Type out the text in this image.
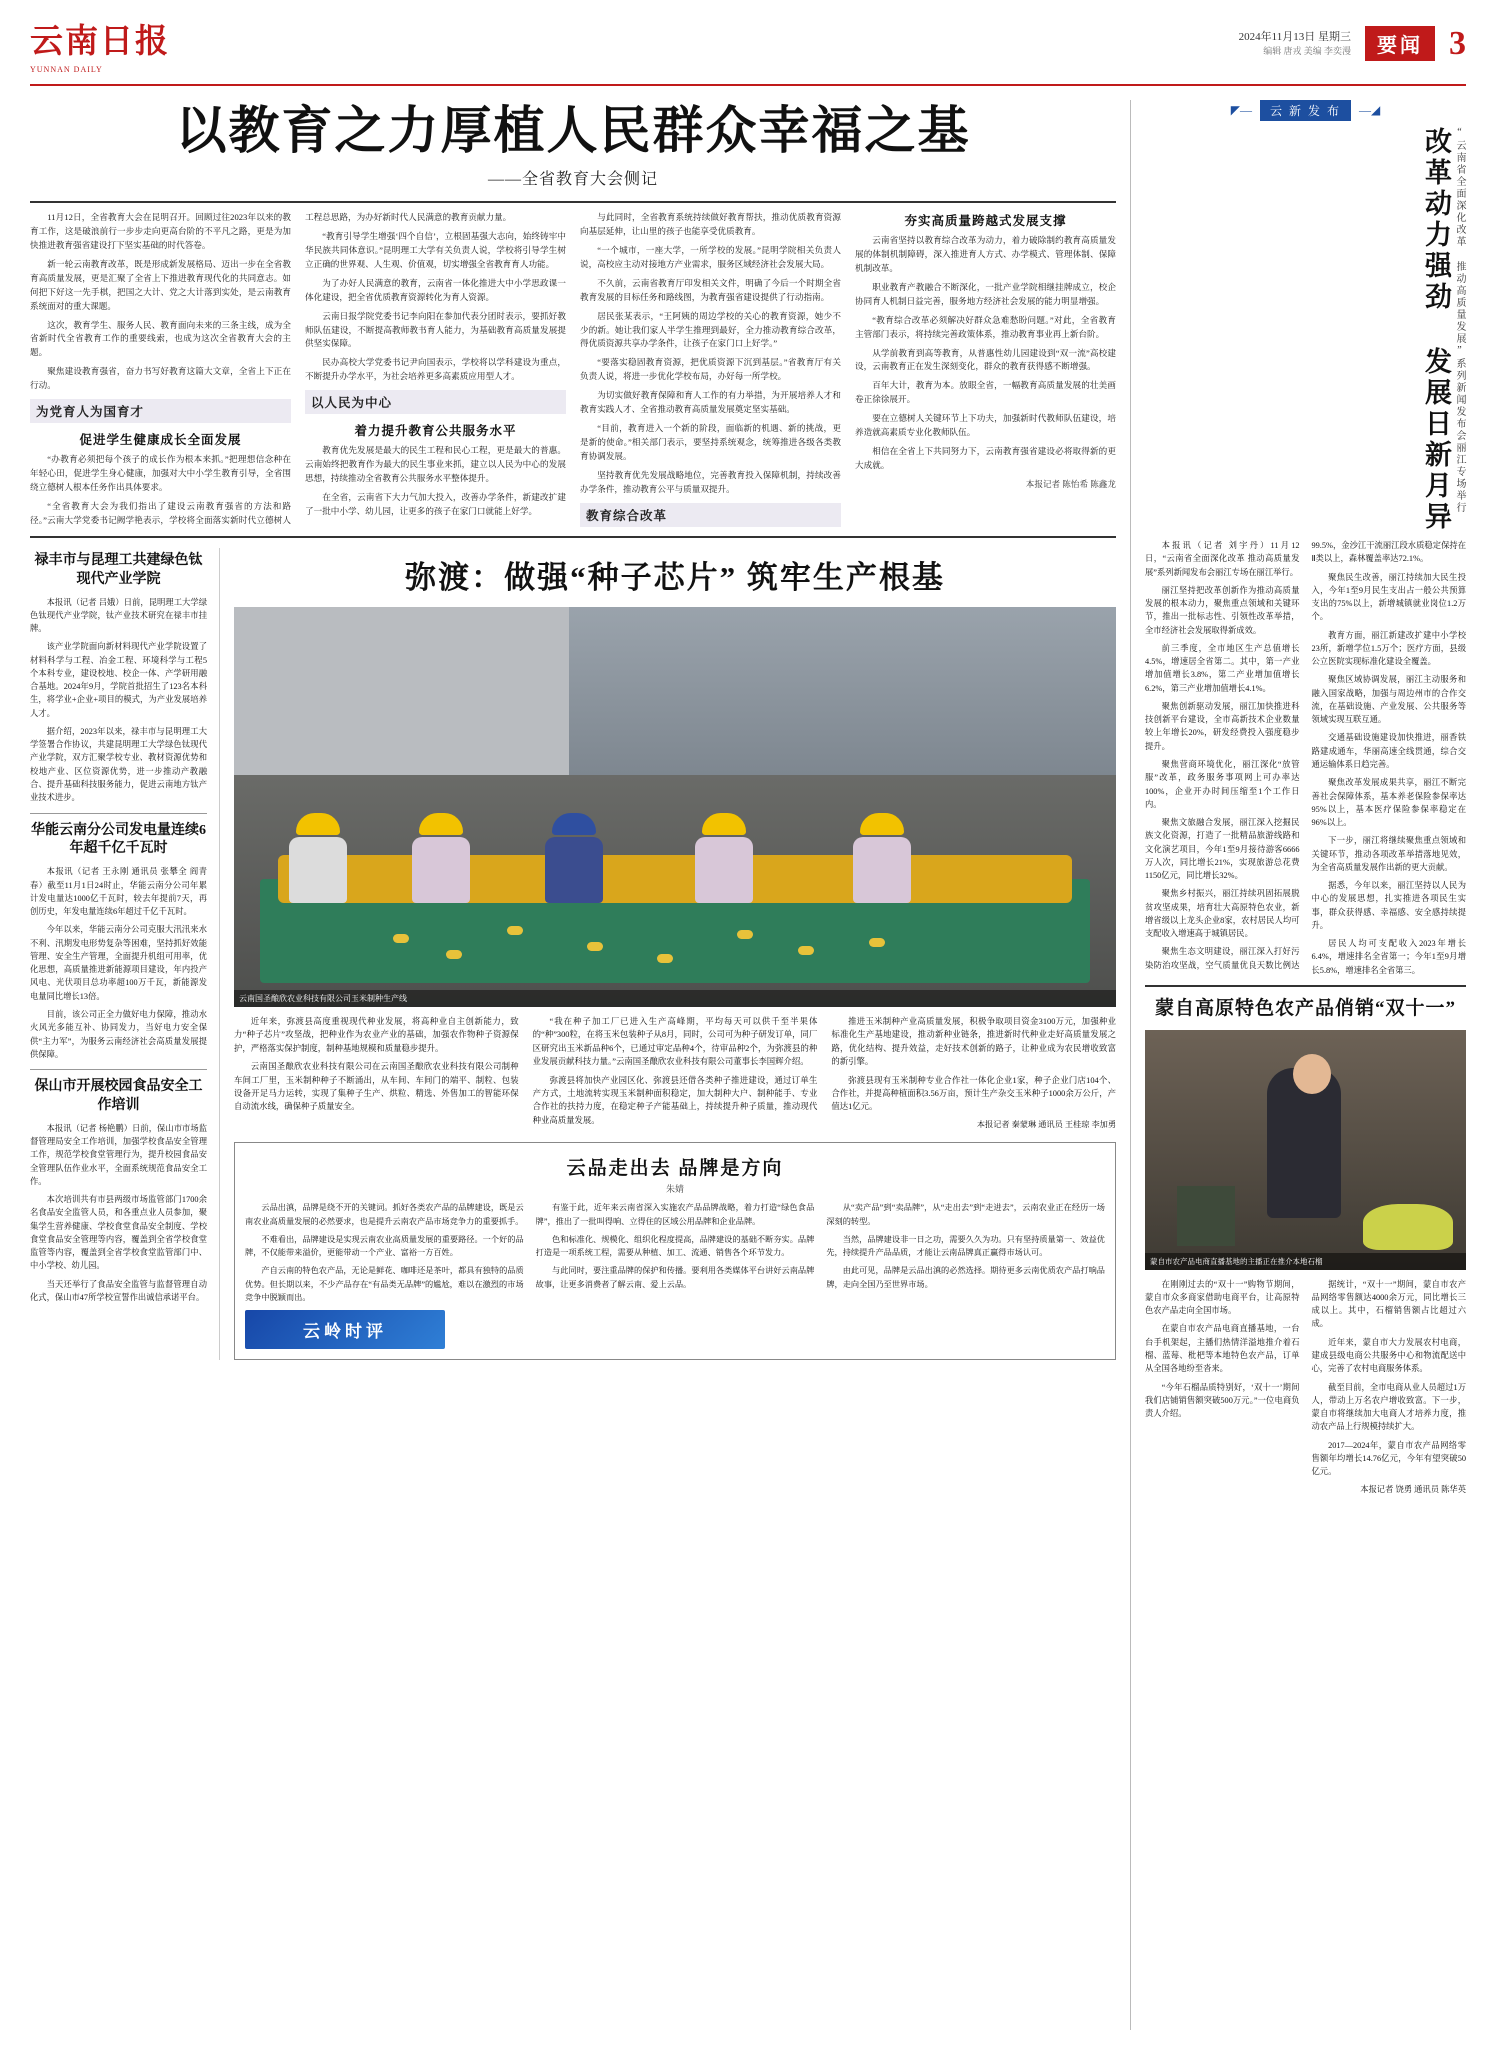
云南日报
YUNNAN DAILY
2024年11月13日 星期三
编辑 唐戎 美编 李奕漫	要闻 3
以教育之力厚植人民群众幸福之基
——全省教育大会侧记

11月12日，全省教育大会在昆明召开。回顾过往2023年以来的教育工作，这是破浪前行一步步走向更高台阶的不平凡之路，更是为加快推进教育强省建设打下坚实基础的时代答卷。

新一轮云南教育改革，既是形成新发展格局、迈出一步在全省教育高质量发展，更是汇聚了全省上下推进教育现代化的共同意志。如何把下好这一先手棋，把国之大计、党之大计落到实处，是云南教育系统面对的重大课题。

这次，教育学生、服务人民、教育面向未来的三条主线，成为全省新时代全省教育工作的重要线索，也成为这次全省教育大会的主题。

聚焦建设教育强省，奋力书写好教育这篇大文章，全省上下正在行动。

为党育人为国育才
促进学生健康成长全面发展

“办教育必须把每个孩子的成长作为根本来抓。”把理想信念种在年轻心田，促进学生身心健康，加强对大中小学生教育引导，全省围绕立德树人根本任务作出具体要求。

“全省教育大会为我们指出了建设云南教育强省的方法和路径。”云南大学党委书记阙学艳表示，学校将全面落实新时代立德树人工程总思路，为办好新时代人民满意的教育贡献力量。

“教育引导学生增强‘四个自信’，立根固基强大志向，始终铸牢中华民族共同体意识。”昆明理工大学有关负责人说，学校将引导学生树立正确的世界观、人生观、价值观，切实增强全省教育育人功能。

为了办好人民满意的教育，云南省一体化推进大中小学思政课一体化建设，把全省优质教育资源转化为育人资源。

云南日报学院党委书记李向阳在参加代表分团时表示，要抓好教师队伍建设，不断提高教师教书育人能力，为基础教育高质量发展提供坚实保障。

民办高校大学党委书记尹向国表示，学校将以学科建设为重点，不断提升办学水平，为社会培养更多高素质应用型人才。

以人民为中心
着力提升教育公共服务水平

教育优先发展是最大的民生工程和民心工程，更是最大的普惠。云南始终把教育作为最大的民生事业来抓，建立以人民为中心的发展思想，持续推动全省教育公共服务水平整体提升。

在全省，云南省下大力气加大投入，改善办学条件，新建改扩建了一批中小学、幼儿园，让更多的孩子在家门口就能上好学。

与此同时，全省教育系统持续做好教育帮扶，推动优质教育资源向基层延伸，让山里的孩子也能享受优质教育。

“一个城市，一座大学，一所学校的发展。”昆明学院相关负责人说，高校应主动对接地方产业需求，服务区域经济社会发展大局。

不久前，云南省教育厅印发相关文件，明确了今后一个时期全省教育发展的目标任务和路线图，为教育强省建设提供了行动指南。

居民张某表示，“王阿姨的周边学校的关心的教育资源，她少不少的新。她让我们家人半学生推理到最好，全力推动教育综合改革，得优质资源共享办学条件，让孩子在家门口上好学。”

“要落实稳固教育资源，把优质资源下沉到基层。”省教育厅有关负责人说，将进一步优化学校布局，办好每一所学校。

为切实做好教育保障和育人工作的有力举措，为开展培养人才和教育实践人才、全省推动教育高质量发展奠定坚实基础。

“目前，教育进入一个新的阶段，面临新的机遇、新的挑战，更是新的使命。”相关部门表示，要坚持系统观念，统筹推进各级各类教育协调发展。

坚持教育优先发展战略地位，完善教育投入保障机制，持续改善办学条件，推动教育公平与质量双提升。

教育综合改革
夯实高质量跨越式发展支撑

云南省坚持以教育综合改革为动力，着力破除制约教育高质量发展的体制机制障碍，深入推进育人方式、办学模式、管理体制、保障机制改革。

职业教育产教融合不断深化，一批产业学院相继挂牌成立，校企协同育人机制日益完善，服务地方经济社会发展的能力明显增强。

“教育综合改革必须解决好群众急难愁盼问题。”对此，全省教育主管部门表示，将持续完善政策体系，推动教育事业再上新台阶。

从学前教育到高等教育，从普惠性幼儿园建设到“双一流”高校建设，云南教育正在发生深刻变化，群众的教育获得感不断增强。

百年大计，教育为本。放眼全省，一幅教育高质量发展的壮美画卷正徐徐展开。

要在立德树人关键环节上下功夫，加强新时代教师队伍建设，培养造就高素质专业化教师队伍。

相信在全省上下共同努力下，云南教育强省建设必将取得新的更大成就。

本报记者 陈怡希 陈鑫龙
禄丰市与昆理工共建绿色钛现代产业学院

本报讯（记者 吕娥）日前，昆明理工大学绿色钛现代产业学院，钛产业技术研究在禄丰市挂牌。

该产业学院面向新材料现代产业学院设置了材料科学与工程、冶金工程、环境科学与工程5个本科专业，建设校地、校企一体、产学研用融合基地。2024年9月，学院首批招生了123名本科生，将学业+企业+项目的模式，为产业发展培养人才。

据介绍，2023年以来，禄丰市与昆明理工大学签署合作协议，共建昆明理工大学绿色钛现代产业学院，双方汇聚学校专业、教材资源优势和校地产业、区位资源优势，进一步推动产教融合、提升基础科技服务能力，促进云南地方钛产业技术进步。

华能云南分公司发电量连续6年超千亿千瓦时

本报讯（记者 王永刚 通讯员 张攀全 阎青春）截至11月1日24时止，华能云南分公司年累计发电量达1000亿千瓦时，较去年提前7天，再创历史，年发电量连续6年超过千亿千瓦时。

今年以来，华能云南分公司克服大汛汛来水不利、汛期发电形势复杂等困难，坚持抓好效能管理、安全生产管理，全面提升机组可用率，优化思想，高质量推进新能源项目建设，年内投产风电、光伏项目总功率超100万千瓦，新能源发电量同比增长13倍。

目前，该公司正全力做好电力保障，推动水火风光多能互补、协同发力，当好电力安全保供“主力军”，为服务云南经济社会高质量发展提供保障。

保山市开展校园食品安全工作培训

本报讯（记者 杨艳鹏）日前，保山市市场监督管理局安全工作培训，加强学校食品安全管理工作，规范学校食堂管理行为，提升校园食品安全管理队伍作业水平，全面系统规范食品安全工作。

本次培训共有市县两级市场监管部门1700余名食品安全监管人员，和各重点业人员参加，聚集学生营养健康、学校食堂食品安全制度、学校食堂食品安全管理等内容，覆盖到全省学校食堂监管等内容，覆盖到全省学校食堂监管部门中、中小学校、幼儿园。

当天还举行了食品安全监管与监督管理自动化式，保山市47所学校宣誓作出诚信承诺平台。

弥渡：做强“种子芯片” 筑牢生产根基
云南国圣酿欣农业科技有限公司玉米制种生产线

近年来，弥渡县高度重视现代种业发展，将高种业自主创新能力，致力“种子芯片”攻坚战，把种业作为农业产业的基础，加强农作物种子资源保护，严格落实保护制度，制种基地规模和质量稳步提升。

云南国圣酿欣农业科技有限公司在云南国圣酿欣农业科技有限公司制种车间工厂里，玉米制种种子不断涌出，从车间、车间门的端平、制粒、包装设备开足马力运转，实现了集种子生产、烘粒、精选、外售加工的智能环保自动流水线，确保种子质量安全。

“我在种子加工厂已进入生产高峰期，平均每天可以供千至半果体的“种”300粒，在将玉米包装种子从8月，同时，公司可为种子研发订单，同厂区研究出玉米新品种6个，已通过审定品种4个，待审品种2个，为弥渡县的种业发展贡献科技力量。”云南国圣酿欣农业科技有限公司董事长李国辉介绍。

弥渡县将加快产业园区化、弥渡县还借各类种子推进建设，通过订单生产方式，土地流转实现玉米制种面积稳定，加大制种大户、制种能手、专业合作社的扶持力度，在稳定种子产能基础上，持续提升种子质量，推动现代种业高质量发展。

推进玉米制种产业高质量发展，积极争取项目资金3100万元，加强种业标准化生产基地建设，推动新种业链条，推进新时代种业走好高质量发展之路，优化结构、提升效益，走好技术创新的路子，让种业成为农民增收致富的新引擎。

弥渡县现有玉米制种专业合作社一体化企业1家，种子企业门店104个、合作社，并提高种植面积3.56万亩，预计生产杂交玉米种子1000余万公斤，产值达1亿元。

本报记者 秦蒙琳 通讯员 王桂琼 李加勇
云品走出去 品牌是方向
朱婧

云品出滇，品牌是绕不开的关键词。抓好各类农产品的品牌建设，既是云南农业高质量发展的必然要求，也是提升云南农产品市场竞争力的重要抓手。

不难看出，品牌建设是实现云南农业高质量发展的重要路径。一个好的品牌，不仅能带来溢价，更能带动一个产业、富裕一方百姓。

产自云南的特色农产品，无论是鲜花、咖啡还是茶叶，都具有独特的品质优势。但长期以来，不少产品存在“有品类无品牌”的尴尬，难以在激烈的市场竞争中脱颖而出。

有鉴于此，近年来云南省深入实施农产品品牌战略，着力打造“绿色食品牌”，推出了一批叫得响、立得住的区域公用品牌和企业品牌。

色和标准化、规模化、组织化程度提高，品牌建设的基础不断夯实。品牌打造是一项系统工程，需要从种植、加工、流通、销售各个环节发力。

与此同时，要注重品牌的保护和传播。要利用各类媒体平台讲好云南品牌故事，让更多消费者了解云南、爱上云品。

从“卖产品”到“卖品牌”，从“走出去”到“走进去”，云南农业正在经历一场深刻的转型。

当然，品牌建设非一日之功，需要久久为功。只有坚持质量第一、效益优先，持续提升产品品质，才能让云南品牌真正赢得市场认可。

由此可见，品牌是云品出滇的必然选择。期待更多云南优质农产品打响品牌，走向全国乃至世界市场。

云岭时评
◤—	云 新 发 布	—◢
改革动力强劲 发展日新月异 “云南省全面深化改革 推动高质量发展”系列新闻发布会丽江专场举行

本报讯（记者 刘宇丹）11月12日，“云南省全面深化改革 推动高质量发展”系列新闻发布会丽江专场在丽江举行。

丽江坚持把改革创新作为推动高质量发展的根本动力，聚焦重点领域和关键环节，推出一批标志性、引领性改革举措，全市经济社会发展取得新成效。

前三季度，全市地区生产总值增长4.5%，增速居全省第二。其中，第一产业增加值增长3.8%，第二产业增加值增长6.2%，第三产业增加值增长4.1%。

聚焦创新驱动发展，丽江加快推进科技创新平台建设，全市高新技术企业数量较上年增长20%，研发经费投入强度稳步提升。

聚焦营商环境优化，丽江深化“放管服”改革，政务服务事项网上可办率达100%，企业开办时间压缩至1个工作日内。

聚焦文旅融合发展，丽江深入挖掘民族文化资源，打造了一批精品旅游线路和文化演艺项目，今年1至9月接待游客6666万人次，同比增长21%，实现旅游总花费1150亿元，同比增长32%。

聚焦乡村振兴，丽江持续巩固拓展脱贫攻坚成果，培育壮大高原特色农业，新增省级以上龙头企业8家，农村居民人均可支配收入增速高于城镇居民。

聚焦生态文明建设，丽江深入打好污染防治攻坚战，空气质量优良天数比例达99.5%，金沙江干流丽江段水质稳定保持在Ⅱ类以上，森林覆盖率达72.1%。

聚焦民生改善，丽江持续加大民生投入，今年1至9月民生支出占一般公共预算支出的75%以上，新增城镇就业岗位1.2万个。

教育方面，丽江新建改扩建中小学校23所，新增学位1.5万个；医疗方面，县级公立医院实现标准化建设全覆盖。

聚焦区域协调发展，丽江主动服务和融入国家战略，加强与周边州市的合作交流，在基础设施、产业发展、公共服务等领域实现互联互通。

交通基础设施建设加快推进，丽香铁路建成通车，华丽高速全线贯通，综合交通运输体系日趋完善。

聚焦改革发展成果共享，丽江不断完善社会保障体系，基本养老保险参保率达95%以上，基本医疗保险参保率稳定在96%以上。

下一步，丽江将继续聚焦重点领域和关键环节，推动各项改革举措落地见效，为全省高质量发展作出新的更大贡献。

据悉，今年以来，丽江坚持以人民为中心的发展思想，扎实推进各项民生实事，群众获得感、幸福感、安全感持续提升。

居民人均可支配收入2023年增长6.4%，增速排名全省第一；今年1至9月增长5.8%，增速排名全省第三。

蒙自高原特色农产品俏销“双十一”
蒙自市农产品电商直播基地的主播正在推介本地石榴

在刚刚过去的“双十一”购物节期间，蒙自市众多商家借助电商平台，让高原特色农产品走向全国市场。

在蒙自市农产品电商直播基地，一台台手机架起，主播们热情洋溢地推介着石榴、蓝莓、枇杷等本地特色农产品，订单从全国各地纷至沓来。

“今年石榴品质特别好，‘双十一’期间我们店铺销售额突破500万元。”一位电商负责人介绍。

据统计，“双十一”期间，蒙自市农产品网络零售额达4000余万元，同比增长三成以上。其中，石榴销售额占比超过六成。

近年来，蒙自市大力发展农村电商，建成县级电商公共服务中心和物流配送中心，完善了农村电商服务体系。

截至目前，全市电商从业人员超过1万人，带动上万名农户增收致富。下一步，蒙自市将继续加大电商人才培养力度，推动农产品上行规模持续扩大。

2017—2024年，蒙自市农产品网络零售额年均增长14.76亿元，今年有望突破50亿元。

本报记者 饶勇 通讯员 陈华英
